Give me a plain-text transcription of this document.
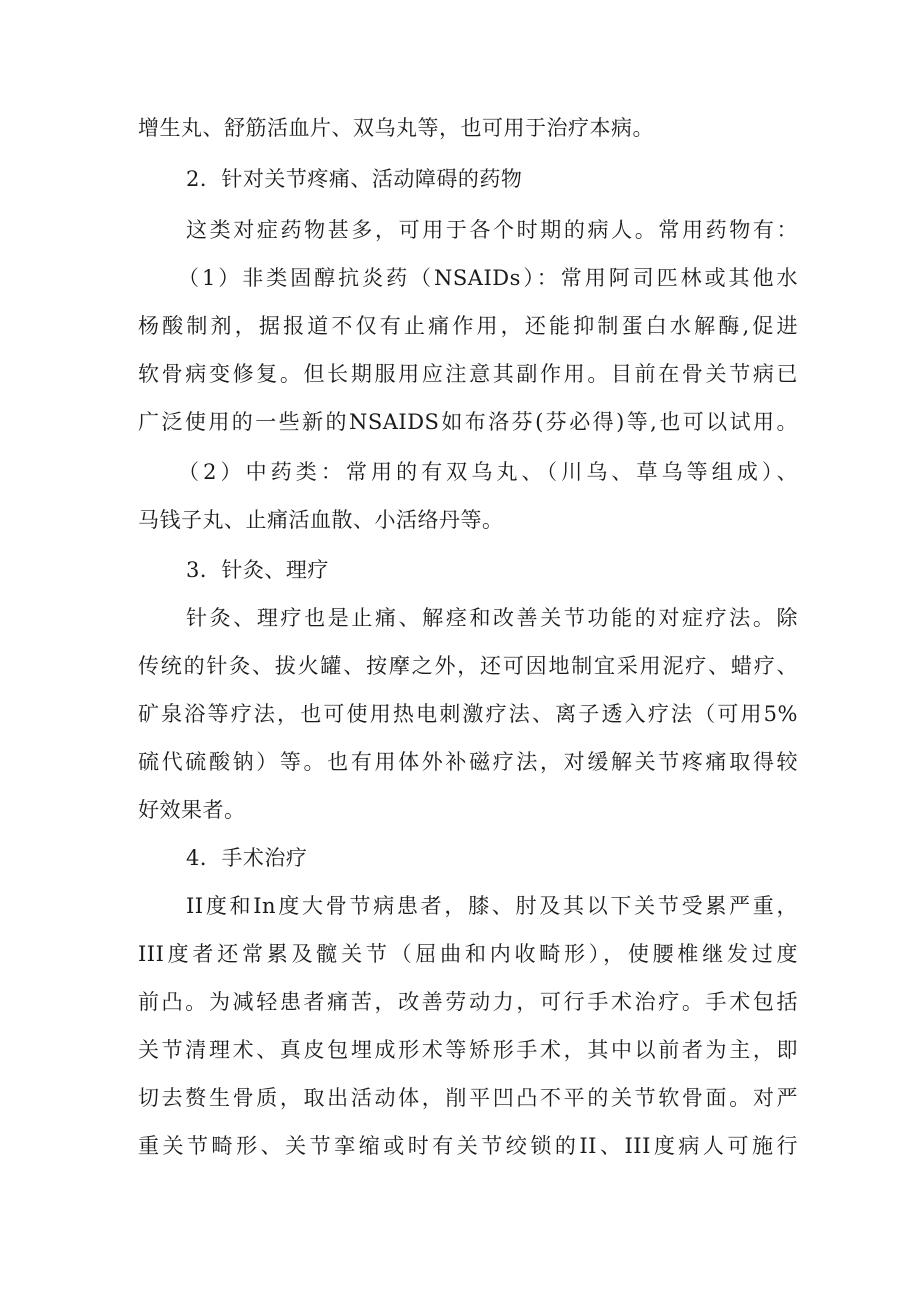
增生丸、舒筋活血片、双乌丸等，也可用于治疗本病。
2．针对关节疼痛、活动障碍的药物
这类对症药物甚多，可用于各个时期的病人。常用药物有：
（1）非类固醇抗炎药（NSAIDs）：常用阿司匹林或其他水
杨酸制剂，据报道不仅有止痛作用，还能抑制蛋白水解酶,促进
软骨病变修复。但长期服用应注意其副作用。目前在骨关节病已
广泛使用的一些新的NSAIDS如布洛芬(芬必得)等,也可以试用。
（2）中药类：常用的有双乌丸、（川乌、草乌等组成）、
马钱子丸、止痛活血散、小活络丹等。
3．针灸、理疗
针灸、理疗也是止痛、解痉和改善关节功能的对症疗法。除
传统的针灸、拔火罐、按摩之外，还可因地制宜采用泥疗、蜡疗、
矿泉浴等疗法，也可使用热电刺激疗法、离子透入疗法（可用5%
硫代硫酸钠）等。也有用体外补磁疗法，对缓解关节疼痛取得较
好效果者。
4．手术治疗
II度和In度大骨节病患者，膝、肘及其以下关节受累严重，
III度者还常累及髋关节（屈曲和内收畸形），使腰椎继发过度
前凸。为减轻患者痛苦，改善劳动力，可行手术治疗。手术包括
关节清理术、真皮包埋成形术等矫形手术，其中以前者为主，即
切去赘生骨质，取出活动体，削平凹凸不平的关节软骨面。对严
重关节畸形、关节挛缩或时有关节绞锁的II、III度病人可施行
